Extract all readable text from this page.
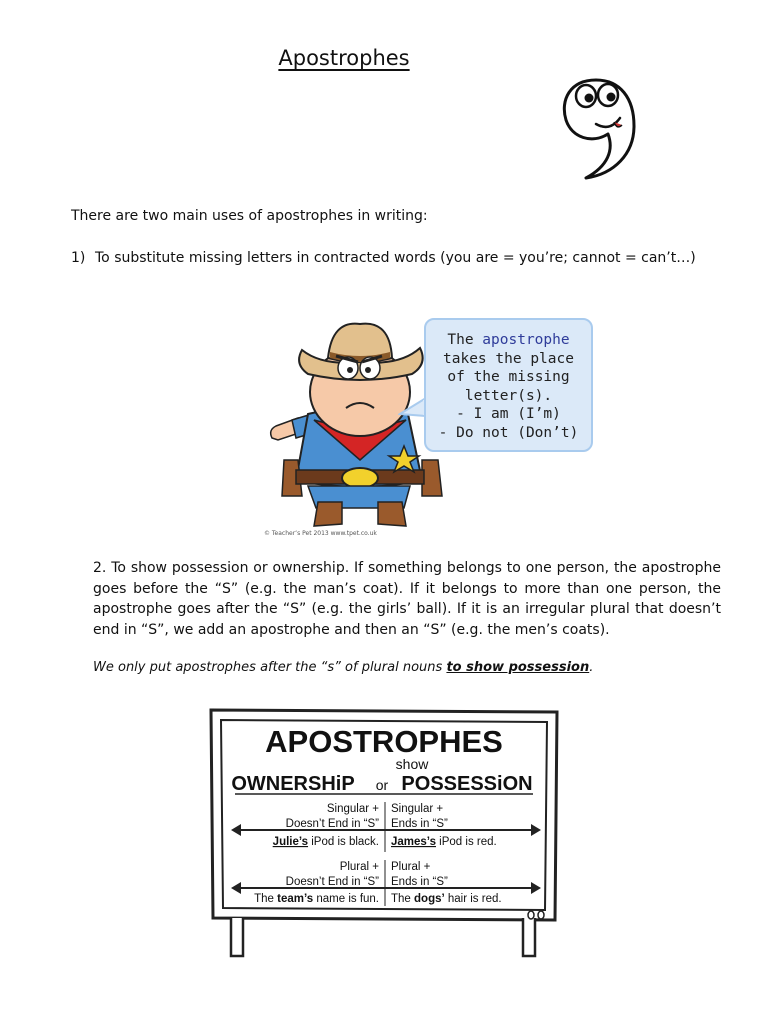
Apostrophes
There are two main uses of apostrophes in writing:
1) To substitute missing letters in contracted words (you are = you’re; cannot = can’t…)
© Teacher’s Pet 2013 www.tpet.co.uk
The apostrophe
takes the place
of the missing
letter(s).
- I am (I’m)
- Do not (Don’t)
2. To show possession or ownership. If something belongs to one person, the apostrophe goes before the “S” (e.g. the man’s coat). If it belongs to more than one person, the apostrophe goes after the “S” (e.g. the girls’ ball). If it is an irregular plural that doesn’t end in “S”, we add an apostrophe and then an “S” (e.g. the men’s coats).
We only put apostrophes after the “s” of plural nouns to show possession.
APOSTROPHES
show
OWNERSHiP or POSSESSiON
Singular +
Doesn’t End in “S”
Singular +
Ends in “S”
Julie’s iPod is black. James’s iPod is red.
Plural +
Doesn’t End in “S”
Plural +
Ends in “S”
The team’s name is fun. The dogs’ hair is red.
